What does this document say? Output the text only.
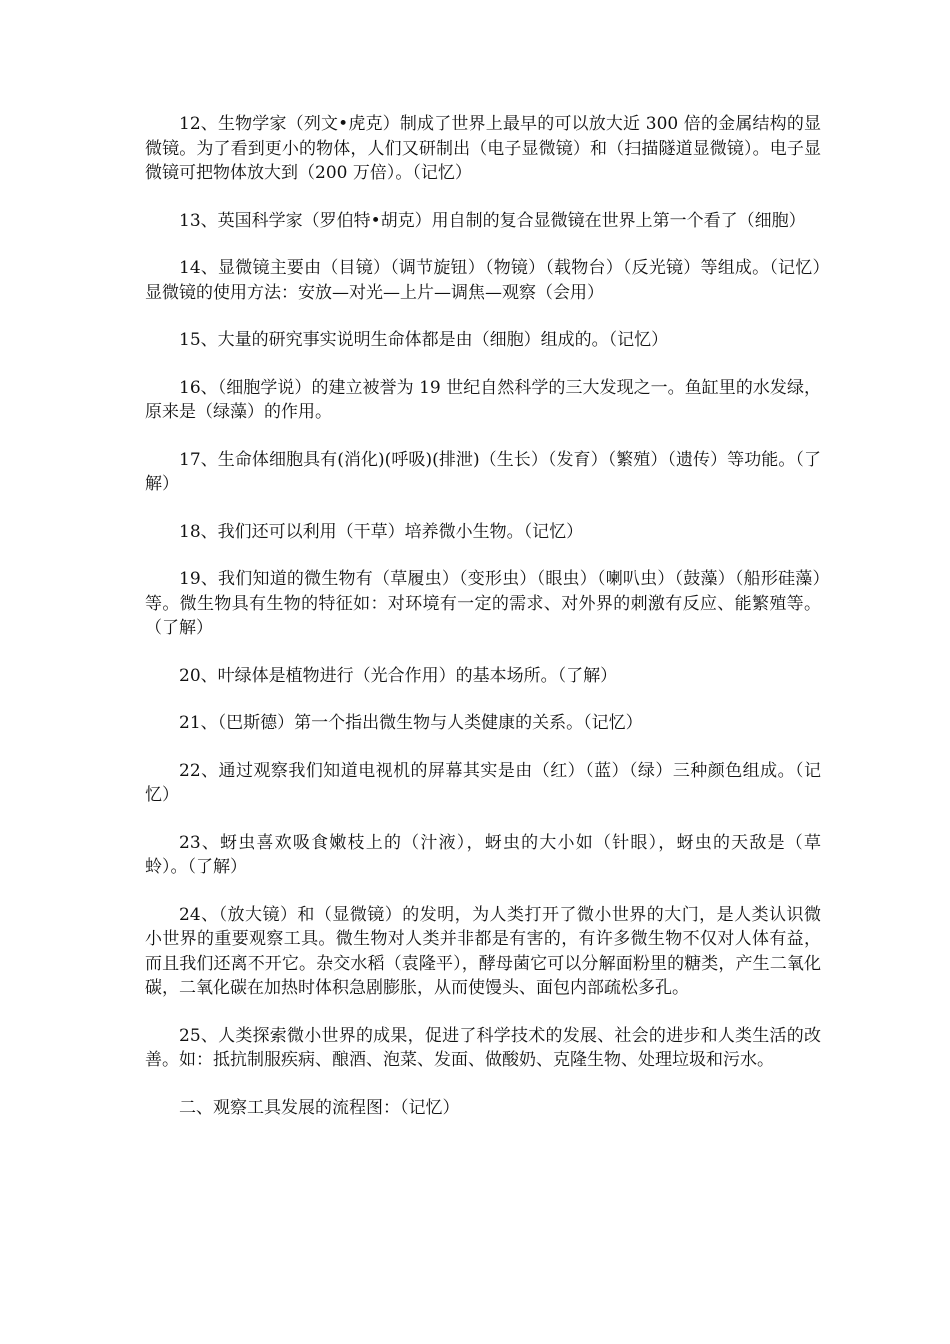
12、生物学家（列文•虎克）制成了世界上最早的可以放大近 300 倍的金属结构的显微镜。为了看到更小的物体，人们又研制出（电子显微镜）和（扫描隧道显微镜）。电子显微镜可把物体放大到（200 万倍）。（记忆）

13、英国科学家（罗伯特•胡克）用自制的复合显微镜在世界上第一个看了（细胞）

14、显微镜主要由（目镜）（调节旋钮）（物镜）（载物台）（反光镜）等组成。（记忆）显微镜的使用方法：安放—对光—上片—调焦—观察（会用）

15、大量的研究事实说明生命体都是由（细胞）组成的。（记忆）

16、（细胞学说）的建立被誉为 19 世纪自然科学的三大发现之一。鱼缸里的水发绿，原来是（绿藻）的作用。

17、生命体细胞具有(消化)(呼吸)(排泄)（生长）（发育）（繁殖）（遗传）等功能。（了解）

18、我们还可以利用（干草）培养微小生物。（记忆）

19、我们知道的微生物有（草履虫）（变形虫）（眼虫）（喇叭虫）（鼓藻）（船形硅藻）等。微生物具有生物的特征如：对环境有一定的需求、对外界的刺激有反应、能繁殖等。（了解）

20、叶绿体是植物进行（光合作用）的基本场所。（了解）

21、（巴斯德）第一个指出微生物与人类健康的关系。（记忆）

22、通过观察我们知道电视机的屏幕其实是由（红）（蓝）（绿）三种颜色组成。（记忆）

23、蚜虫喜欢吸食嫩枝上的（汁液），蚜虫的大小如（针眼），蚜虫的天敌是（草蛉）。（了解）

24、（放大镜）和（显微镜）的发明，为人类打开了微小世界的大门，是人类认识微小世界的重要观察工具。微生物对人类并非都是有害的，有许多微生物不仅对人体有益，而且我们还离不开它。杂交水稻（袁隆平），酵母菌它可以分解面粉里的糖类，产生二氧化碳，二氧化碳在加热时体积急剧膨胀，从而使馒头、面包内部疏松多孔。

25、人类探索微小世界的成果，促进了科学技术的发展、社会的进步和人类生活的改善。如：抵抗制服疾病、酿酒、泡菜、发面、做酸奶、克隆生物、处理垃圾和污水。

二、观察工具发展的流程图：（记忆）
